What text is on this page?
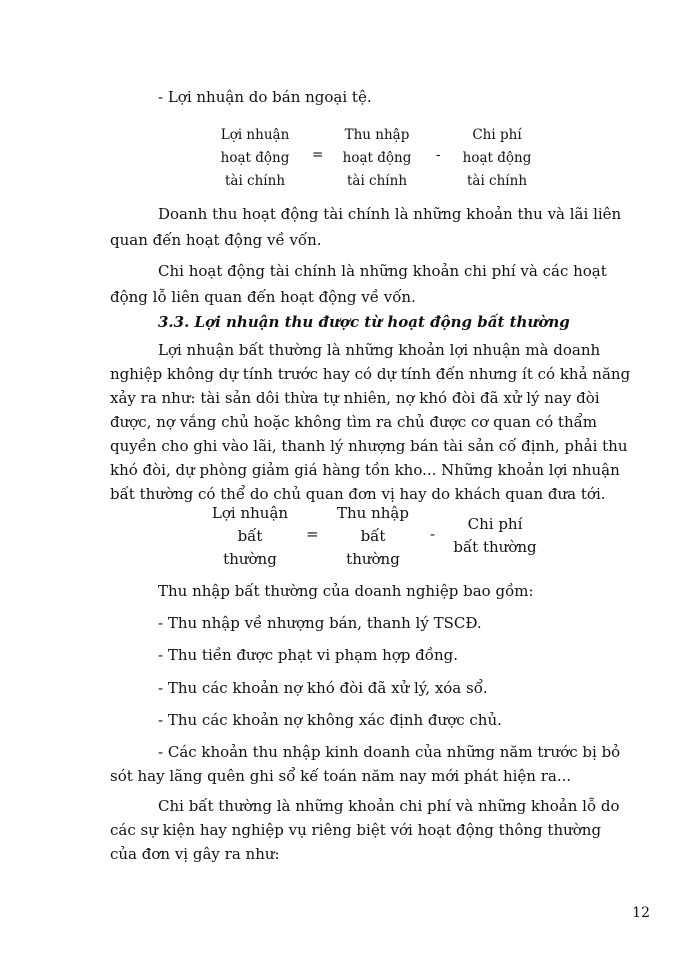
- Lợi nhuận do bán ngoại tệ.
Lợi nhuận
hoạt động
tài chính
=
Thu nhập
hoạt động
tài chính
-
Chi phí
hoạt động
tài chính
Doanh thu hoạt động tài chính là những khoản thu và lãi liên
quan đến hoạt động về vốn.
Chi hoạt động tài chính là những khoản chi phí và các hoạt
động lỗ liên quan đến hoạt động về vốn.
3.3. Lợi nhuận thu được từ hoạt động bất thường
Lợi nhuận bất thường là những khoản lợi nhuận mà doanh
nghiệp không dự tính trước hay có dự tính đến nhưng ít có khả năng
xảy ra như: tài sản dôi thừa tự nhiên, nợ khó đòi đã xử lý nay đòi
được, nợ vắng chủ hoặc không tìm ra chủ được cơ quan có thẩm
quyền cho ghi vào lãi, thanh lý nhượng bán tài sản cố định, phải thu
khó đòi, dự phòng giảm giá hàng tồn kho... Những khoản lợi nhuận
bất thường có thể do chủ quan đơn vị hay do khách quan đưa tới.
Lợi nhuận
bất
thường
=
Thu nhập
bất
thường
-
Chi phí
bất thường
Thu nhập bất thường của doanh nghiệp bao gồm:
- Thu nhập về nhượng bán, thanh lý TSCĐ.
- Thu tiền được phạt vi phạm hợp đồng.
- Thu các khoản nợ khó đòi đã xử lý, xóa sổ.
- Thu các khoản nợ không xác định được chủ.
- Các khoản thu nhập kinh doanh của những năm trước bị bỏ
sót hay lãng quên ghi sổ kế toán năm nay mới phát hiện ra...
Chi bất thường là những khoản chi phí và những khoản lỗ do
các sự kiện hay nghiệp vụ riêng biệt với hoạt động thông thường
của đơn vị gây ra như:
12
